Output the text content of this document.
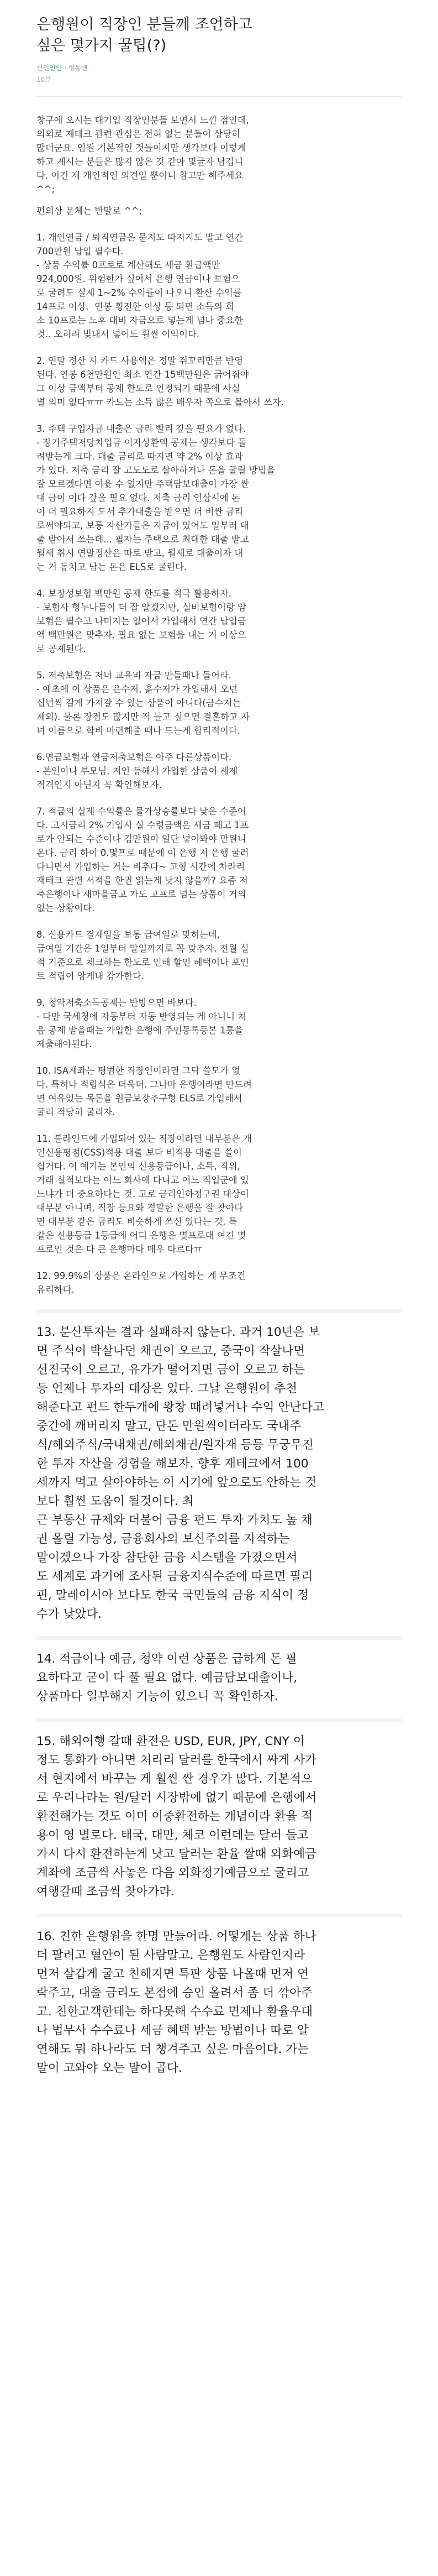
은행원이 직장인 분들께 조언하고
싶은 몇가지 꿀팁(?)
신인인인 · 영동맨
10분

창구에 오시는 대기업 직장인분들 보면서 느낀 점인데,
의외로 재테크 관련 관심은 전혀 없는 분들이 상당히
많더군요. 임원 기본적인 것들이지만 생각보다 이렇게
하고 계시는 분들은 많지 않은 것 같아 몇글자 남깁니
다. 이건 제 개인적인 의견일 뿐이니 참고만 해주세요
^^;

편의상 문체는 반말로 ^^;

1. 개인연금 / 퇴직연금은 묻지도 따지지도 말고 연간
700만원 납입 필수다.
- 상품 수익률 0프로로 계산해도 세금 환급액만
924,000원. 위험한가 싶어서 은행 연금이나 보험으
로 굴려도 실제 1~2% 수익률이 나오니 환산 수익률
14프로 이상.  연봉 횡전한 이상 등 되면 소득의 회
소 10프로는 노후 대비 자금으로 넣는게 넘나 중요한
것.. 오히려 빚내서 넣어도 훨씬 이익이다.

2. 연말 정산 시 카드 사용액은 정말 쥐꼬리만큼 반영
된다. 연봉 6천만원인 최소 연간 15백만원은 긁어줘야
그 이상 금액부터 공제 한도로 인정되기 때문에 사실
별 의미 없다ㅠㅠ 카드는 소득 많은 배우자 쪽으로 몰아서 쓰자.

3. 주택 구입자금 대출은 금리 빨리 갚을 필요가 없다.
- 장기주택저당차입금 이자상환액 공제는 생각보다 돌
려받는게 크다. 대출 금리로 따지면 약 2% 이상 효과
가 있다. 저축 금리 잘 고도도로 살아하거나 돈을 굴릴 방법을
잘 모르겠다면 여윳 수 없지만 주택담보대출이 가장 싼
대 금이 이다 갚을 필요 없다. 저축 금리 인상시에 돈
이 더 필요하지 도서 추가대출을 받으면 더 비싼 금리
로써야되고, 보통 자산가들은 지금이 있어도 일부러 대
출 받아서 쓰는데... 필자는 주택으로 최대한 대출 받고
월세 취시 연말정산은 따로 받고, 월세로 대출이자 내
는 거 동치고 남는 돈은 ELS로 굴린다.

4. 보장성보험 백만원 공제 한도를 적극 활용하자.
- 보험사 형누나들이 더 잘 알겠지만, 실비보험이랑 암
보험은 필수고 나머지는 없어서 가입해서 연간 납입금
액 백만원은 맞추자. 필요 없는 보험을 내는 거 이상으
로 공제된다.

5. 저축보험은 저녀 교육비 자금 만들때나 들어라.
- 예초에 이 상품은 은수저, 흙수저가 가입해서 오년
십년씩 길게 가져갈 수 있는 상품이 아니다(금수저는
제외). 물론 장점도 많지만 적 들고 싶으면 결혼하고 자
녀 이름으로 학비 마련해줄 때나 드는게 합리적이다.

6.연금보험과 연금저축보험은 아주 다른상품이다.
- 본인이나 부모님, 지인 등해서 가입한 상품이 세제
적격인지 아닌지 꼭 확인해보자.

7. 적금의 실제 수익률은 물가상승률보다 낮은 수준이
다. 고시금리 2% 기입시 실 수령금액은 세금 떼고 1프
로가 안되는 수준이나 김만원이 일단 넣어봐야 만원니
온다. 금리 하이 0.몇프로 때문에 이 은행 저 은행 굴러
다니면서 가입하는 거는 비추다~ 고형 시간에 차라리
재테크 관련 서적을 한권 읽는게 낫지 않을까? 요즘 저
축은행이나 새마을금고 가도 고프로 넘는 상품이 거의
없는 상황이다.

8. 신용카드 결제일을 보통 급여일로 맞히는데,
급여일 기간은 1일부터 말일까지로 꼭 맞추자. 전월 실
적 기준으로 체크하는 한도로 인해 할인 혜택이나 포인
트 적립이 앙게내 감가한다.

9. 청약저축소득공제는 반방으면 바보다.
- 다만 국세청에 자동부터 자동 반영되는 게 아니니 처
음 공제 받을때는 가입한 은행에 주민등록등본 1통을
제출해야된다.

10. ISA계좌는 평범한 직장인이라면 그닥 쓸모가 없
다. 특허나 적립식은 더욱더. 그나마 은행이라면 만드려
면 여유있는 목돈을 원금보장추구형 ELS로 가입해서
굴리 적당히 굴리자.

11. 블라인드에 가입되어 있는 직장이라면 대부분은 개
인신용평점(CSS)적용 대출 보다 비적용 대출을 쓸이
쉽거다. 이 예기는 본인의 신용등급이나, 소득, 직위,
거래 실적보다는 어느 회사에 다니고 어느 직업군에 있
느냐가 더 중요하다는 것. 고로 금리인하청구권 대상이
대부분 아니며, 직장 등요와 정말한 은행을 잘 찾아다
면 대부분 같은 금리도 비슷하게 쓰신 있다는 것. 특
같은 신용등급 1등급에 어디 은행은 몇프로대 여긴 몇
프로인 것은 다 큰 은행마다 매우 다르다ㅠ

12. 99.9%의 상품은 온라인으로 가입하는 게 무조건
유리하다.

13. 분산투자는 결과 실패하지 않는다. 과거 10년은 보
면 주식이 박살나던 채권이 오르고, 중국이 작살나면
선진국이 오르고, 유가가 떨어지면 금이 오르고 하는
등 언제나 투자의 대상은 있다. 그날 은행원이 추천
해준다고 펀드 한두개에 왕창 때려넣거나 수익 안난다고
중간에 깨버리지 말고, 단돈 만원씩이더라도 국내주
식/해외주식/국내채권/해외채권/원자재 등등 무궁무진
한 투자 자산을 경험을 해보자. 향후 재테크에서 100
세까지 먹고 살아야하는 이 시기에 앞으로도 안하는 것
보다 훨씬 도움이 될것이다. 최
근 부동산 규제와 더불어 금융 펀드 투자 가치도 높 채
권 올릴 가능성, 금융회사의 보신주의를 지적하는
말이겠으나 가장 참단한 금융 시스템을 가졌으면서
도 세계로 과거에 조사된 금융지식수준에 따르면 필리
핀, 말레이시아 보다도 한국 국민들의 금융 지식이 정
수가 낮았다.

14. 적금이나 예금, 청약 이런 상품은 급하게 돈 필
요하다고 굳이 다 풀 필요 없다. 예금담보대출이나,
상품마다 일부해지 기능이 있으니 꼭 확인하자.

15. 해외여행 갈때 환전은 USD, EUR, JPY, CNY 이
정도 통화가 아니면 처리리 달러를 한국에서 싸게 사가
서 현지에서 바꾸는 게 훨씬 싼 경우가 많다. 기본적으
로 우리나라는 원/달러 시장밖에 없기 때문에 은행에서
환전해가는 것도 이미 이중환전하는 개념이라 환율 적
용이 영 별로다. 태국, 대만, 체코 이런데는 달러 들고
가서 다시 환전하는게 낫고 달러는 환율 쌀때 외화예금
계좌에 조금씩 사놓은 다음 외화정기예금으로 굴리고
여행갈때 조금씩 찾아가라.

16. 친한 은행원을 한명 만들어라. 어떻게는 상품 하나
더 팔려고 혈안이 된 사람말고. 은행원도 사람인지라
먼저 살갑게 굴고 친해지면 특판 상품 나올때 먼저 연
락주고, 대출 금리도 본점에 승인 올려서 좀 더 깎아주
고. 친한고객한테는 하다못해 수수료 면제나 환율우대
나 법무사 수수료나 세금 혜택 받는 방법이나 따로 알
연해도 뭐 하나라도 더 챙겨주고 싶은 마음이다. 가는
말이 고와야 오는 말이 곱다.
